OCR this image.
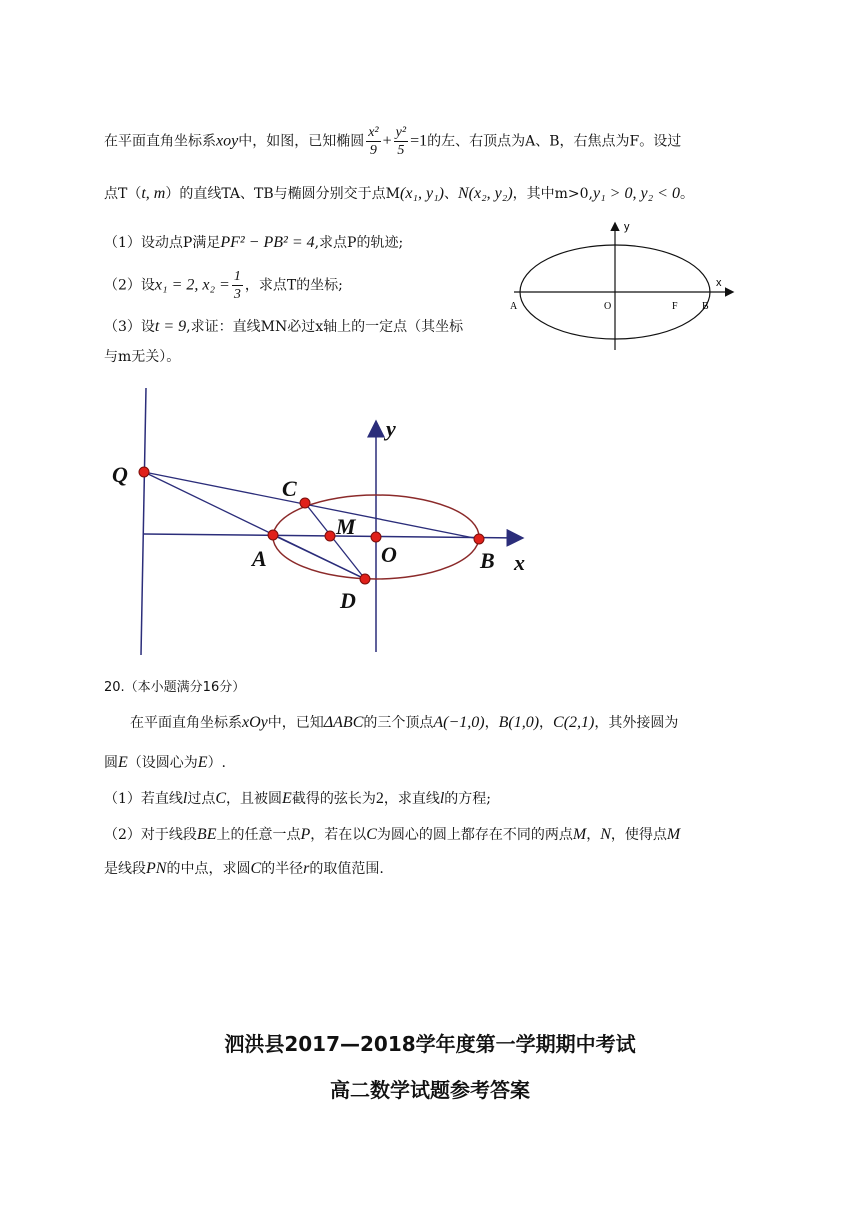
在平面直角坐标系xoy中，如图，已知椭圆 $\frac{\text{x²}}{9} + \frac{\text{y²}}{5} =1$的左、右顶点为A、B，右焦点为F。设过
点T（t, m）的直线TA、TB与椭圆分别交于点M(x₁, y₁)、N(x₂, y₂)，其中m>0,y₁ > 0, y₂ < 0。
（1）设动点P满足PF² − PB² = 4,求点P的轨迹;
（2）设x₁ = 2, $x_2 = \frac{1}{3}$ ，求点T的坐标;
（3）设t = 9,求证：直线MN必过x轴上的一定点（其坐标
与m无关）。
y
x
A	O	F B
y
x
Q
C
M
A	O	B
D
20.（本小题满分16分）
在平面直角坐标系xOy中，已知ΔABC的三个顶点A(−1,0)，B(1,0)，C(2,1)，其外接圆为
圆E（设圆心为E）.
（1）若直线l过点C，且被圆E截得的弦长为2，求直线l的方程;
（2）对于线段BE上的任意一点P，若在以C为圆心的圆上都存在不同的两点M，N，使得点M
是线段PN的中点，求圆C的半径r的取值范围.
泗洪县2017—2018学年度第一学期期中考试
高二数学试题参考答案
